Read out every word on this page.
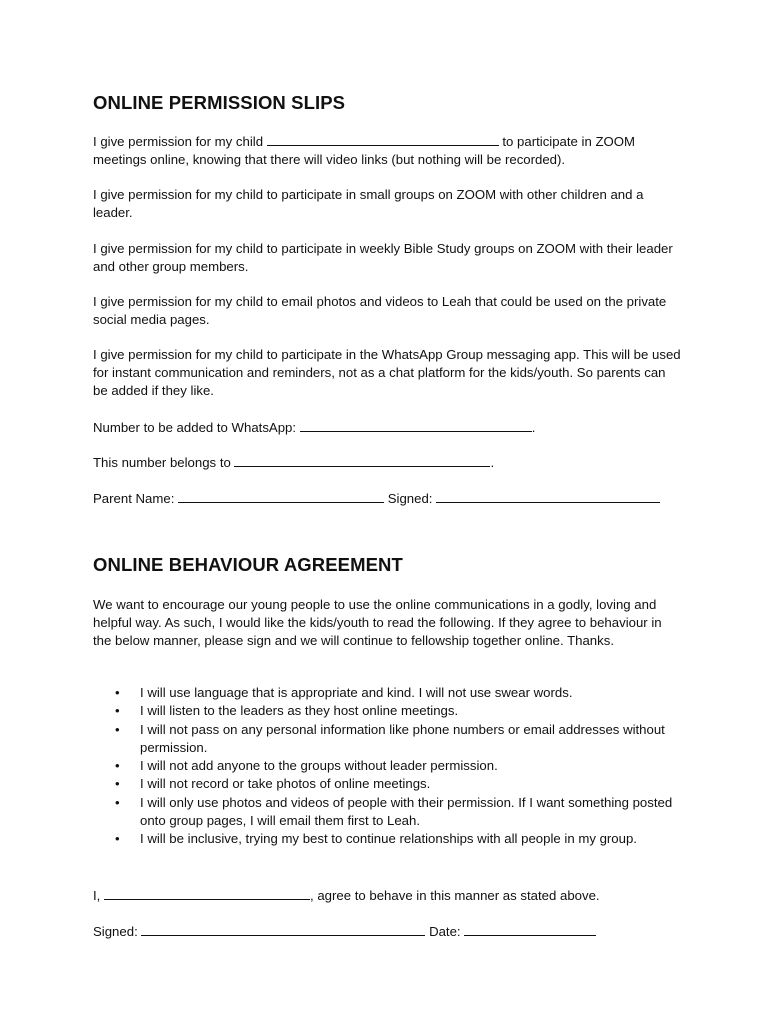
ONLINE PERMISSION SLIPS

I give permission for my child	to participate in ZOOM meetings online, knowing that there will video links (but nothing will be recorded).

I give permission for my child to participate in small groups on ZOOM with other children and a leader.

I give permission for my child to participate in weekly Bible Study groups on ZOOM with their leader and other group members.

I give permission for my child to email photos and videos to Leah that could be used on the private social media pages.

I give permission for my child to participate in the WhatsApp Group messaging app. This will be used for instant communication and reminders, not as a chat platform for the kids/youth. So parents can be added if they like.

Number to be added to WhatsApp:	.
This number belongs to	.
Parent Name:	Signed:
ONLINE BEHAVIOUR AGREEMENT

We want to encourage our young people to use the online communications in a godly, loving and helpful way. As such, I would like the kids/youth to read the following. If they agree to behaviour in the below manner, please sign and we will continue to fellowship together online. Thanks.

• I will use language that is appropriate and kind. I will not use swear words.
• I will listen to the leaders as they host online meetings.
• I will not pass on any personal information like phone numbers or email addresses without permission.
• I will not add anyone to the groups without leader permission.
• I will not record or take photos of online meetings.
• I will only use photos and videos of people with their permission. If I want something posted onto group pages, I will email them first to Leah.
• I will be inclusive, trying my best to continue relationships with all people in my group.
I,	, agree to behave in this manner as stated above.
Signed:	Date:
